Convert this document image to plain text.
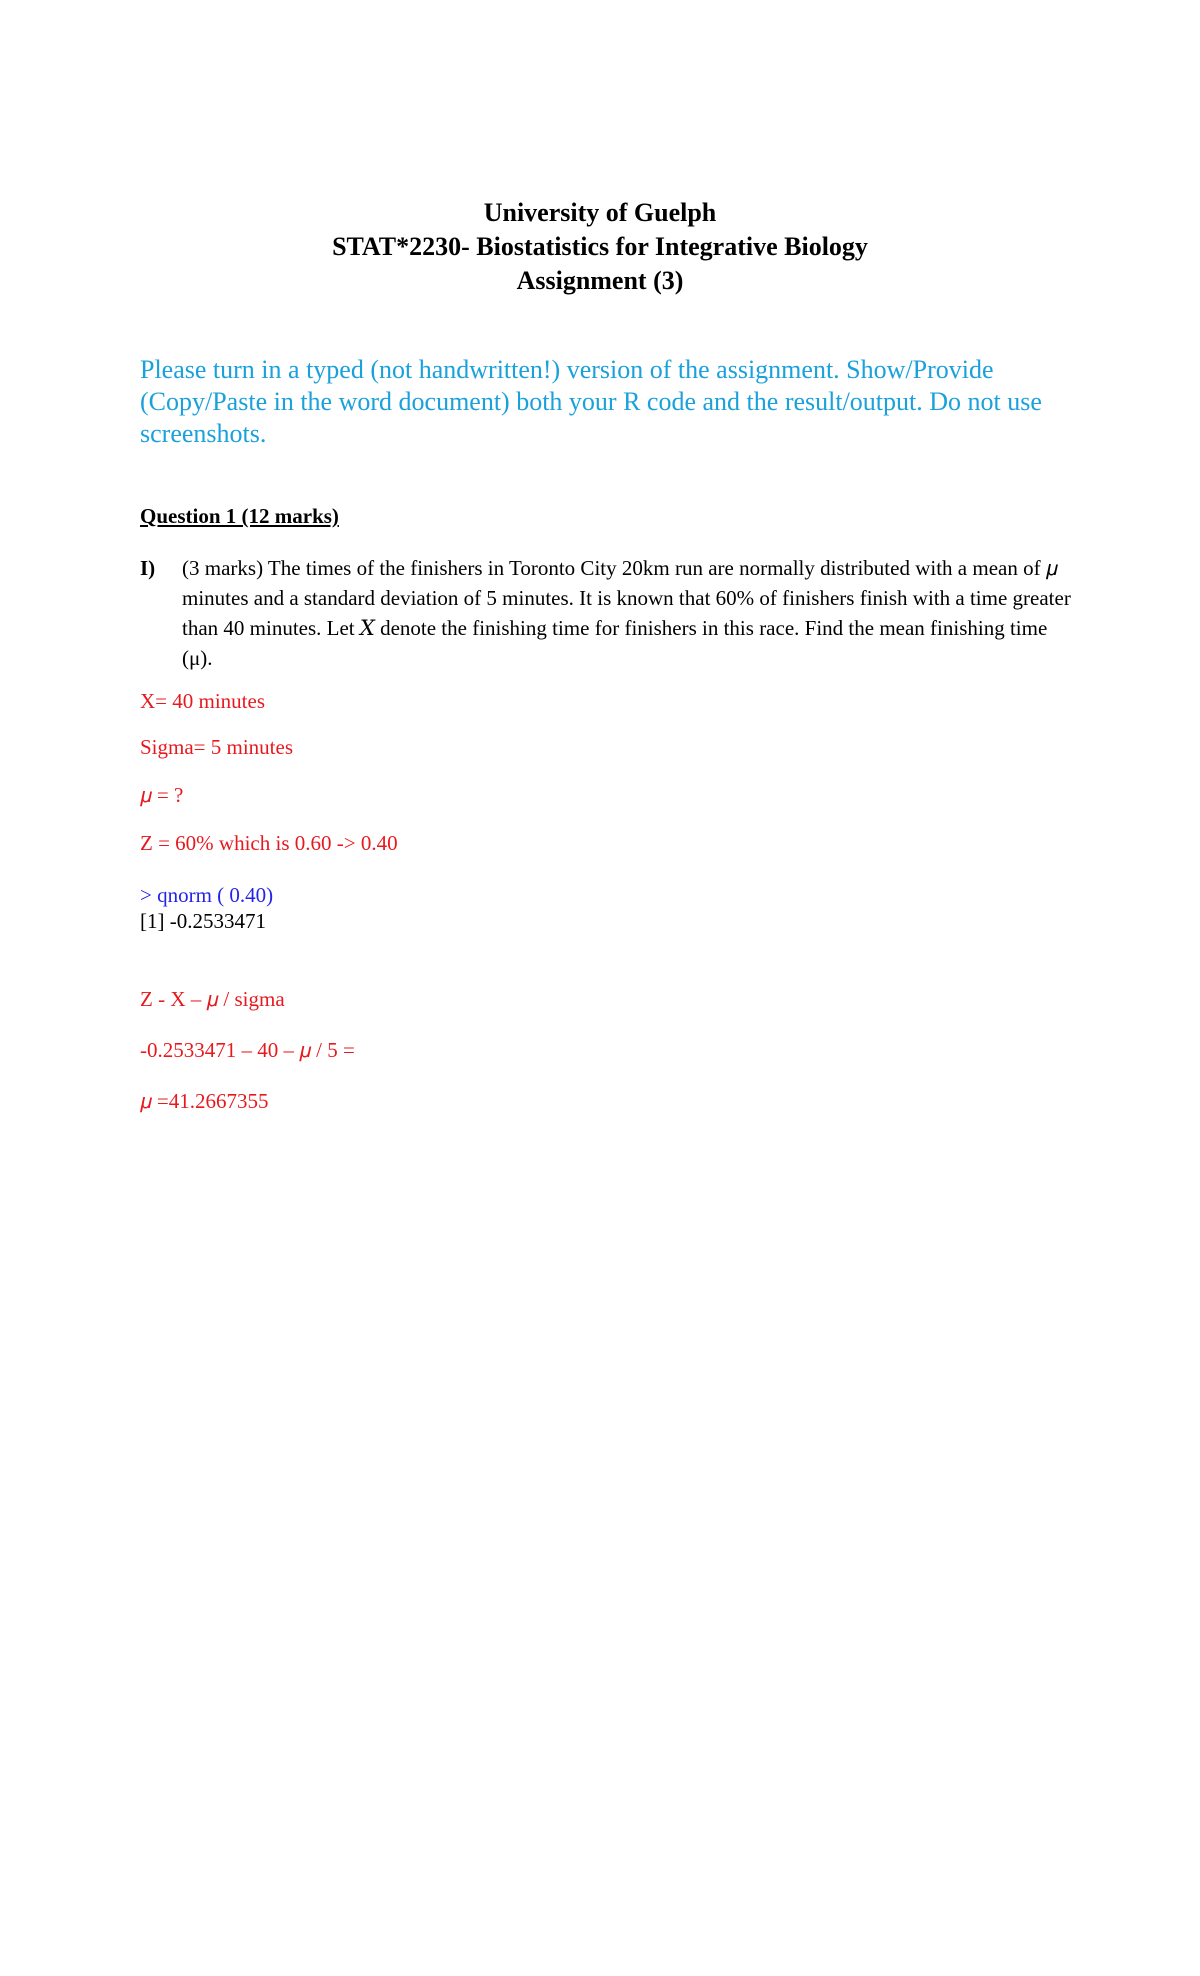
University of Guelph

STAT*2230- Biostatistics for Integrative Biology

Assignment (3)

Please turn in a typed (not handwritten!) version of the assignment. Show/Provide (Copy/Paste in the word document) both your R code and the result/output. Do not use screenshots.

Question 1 (12 marks)

I)	(3 marks) The times of the finishers in Toronto City 20km run are normally distributed with a mean of 𝜇 minutes and a standard deviation of 5 minutes. It is known that 60% of finishers finish with a time greater than 40 minutes. Let 𝑋 denote the finishing time for finishers in this race. Find the mean finishing time (μ).

X= 40 minutes

Sigma= 5 minutes

𝜇 = ?

Z = 60% which is 0.60 -> 0.40

> qnorm ( 0.40)

[1] -0.2533471

Z - X – 𝜇 / sigma

-0.2533471 – 40 – 𝜇 / 5 =

𝜇 =41.2667355
